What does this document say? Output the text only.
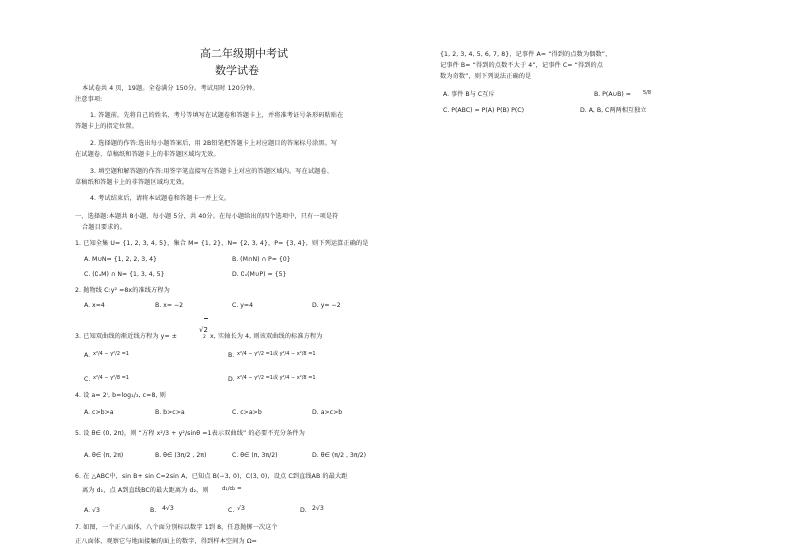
高二年级期中考试
数学试卷
本试卷共 4 页，19题。全卷满分 150分。考试用时 120分钟。
注意事项:
1. 答题前，先将自己的姓名、考号等填写在试题卷和答题卡上，并将准考证号条形码粘贴在
答题卡上的指定位置。
2. 选择题的作答:选出每小题答案后，用 2B铅笔把答题卡上对应题目的答案标号涂黑。写
在试题卷、草稿纸和答题卡上的非答题区域均无效。
3. 填空题和解答题的作答:用签字笔直接写在答题卡上对应的答题区域内。写在试题卷、
草稿纸和答题卡上的非答题区域均无效。
4. 考试结束后，请将本试题卷和答题卡一并上交。
一、选择题:本题共 8小题，每小题 5分，共 40分。在每小题给出的四个选项中，只有一项是符
合题目要求的。
1. 已知全集 U= {1, 2, 3, 4, 5}，集合 M= {1, 2}，N= {2, 3, 4}，P= {3, 4}，则下列运算正确的是
A. M∪N= {1, 2, 2, 3, 4}	B. (M∩N) ∩ P= {0}
C. (∁ᵤM) ∩ N= {1, 3, 4, 5}	D. ∁ᵤ(M∪P) = {5}
2. 抛物线 C:y² =8x的准线方程为
A. x=4	B. x= −2	C. y=4	D. y= −2
3. 已知双曲线的渐近线方程为 y= ±
√2
2 x, 实轴长为 4, 则该双曲线的标准方程为
A. x²/4 − y²/2 =1	B. x²/4 − y²/2 =1或 y²/4 − x²/8 =1
C. x²/4 − y²/8 =1	D. x²/4 − y²/2 =1或 y²/4 − x²/8 =1
4. 设 a= 2ⁱ, b=log₁/₃, c=8, 则
A. c>b>a	B. b>c>a	C. c>a>b	D. a>c>b
5. 设 θ∈ (0, 2π)，则 “方程 x²/3 + y²/sinθ =1表示双曲线” 的必要不充分条件为
A. θ∈ (π, 2π)	B. θ∈ (3π/2 , 2π)	C. θ∈ (π, 3π/2)	D. θ∈ (π/2 , 3π/2)
6. 在 △ABC中，sin B+ sin C=2sin A，已知点 B(−3, 0)，C(3, 0)，设点 C到直线AB 的最大距
离为 d₁，点 A到直线BC的最大距离为 d₂，则 d₁/d₂ =
A. √3	B. 4√3	C. √3	D. 2√3
7. 如图，一个正八面体，八个面分别标以数字 1到 8，任意抛掷一次这个
正八面体，观察它与地面接触的面上的数字，得到样本空间为 Ω=
{1, 2, 3, 4, 5, 6, 7, 8}，记事件 A= “得到的点数为偶数”，
记事件 B= “得到的点数不大于 4”，记事件 C= “得到的点
数为奇数”，则下列说法正确的是
A. 事件 B与 C互斥	B. P(A∪B) = 5/8
C. P(ABC) = P(A) P(B) P(C)	D. A, B, C两两相互独立
